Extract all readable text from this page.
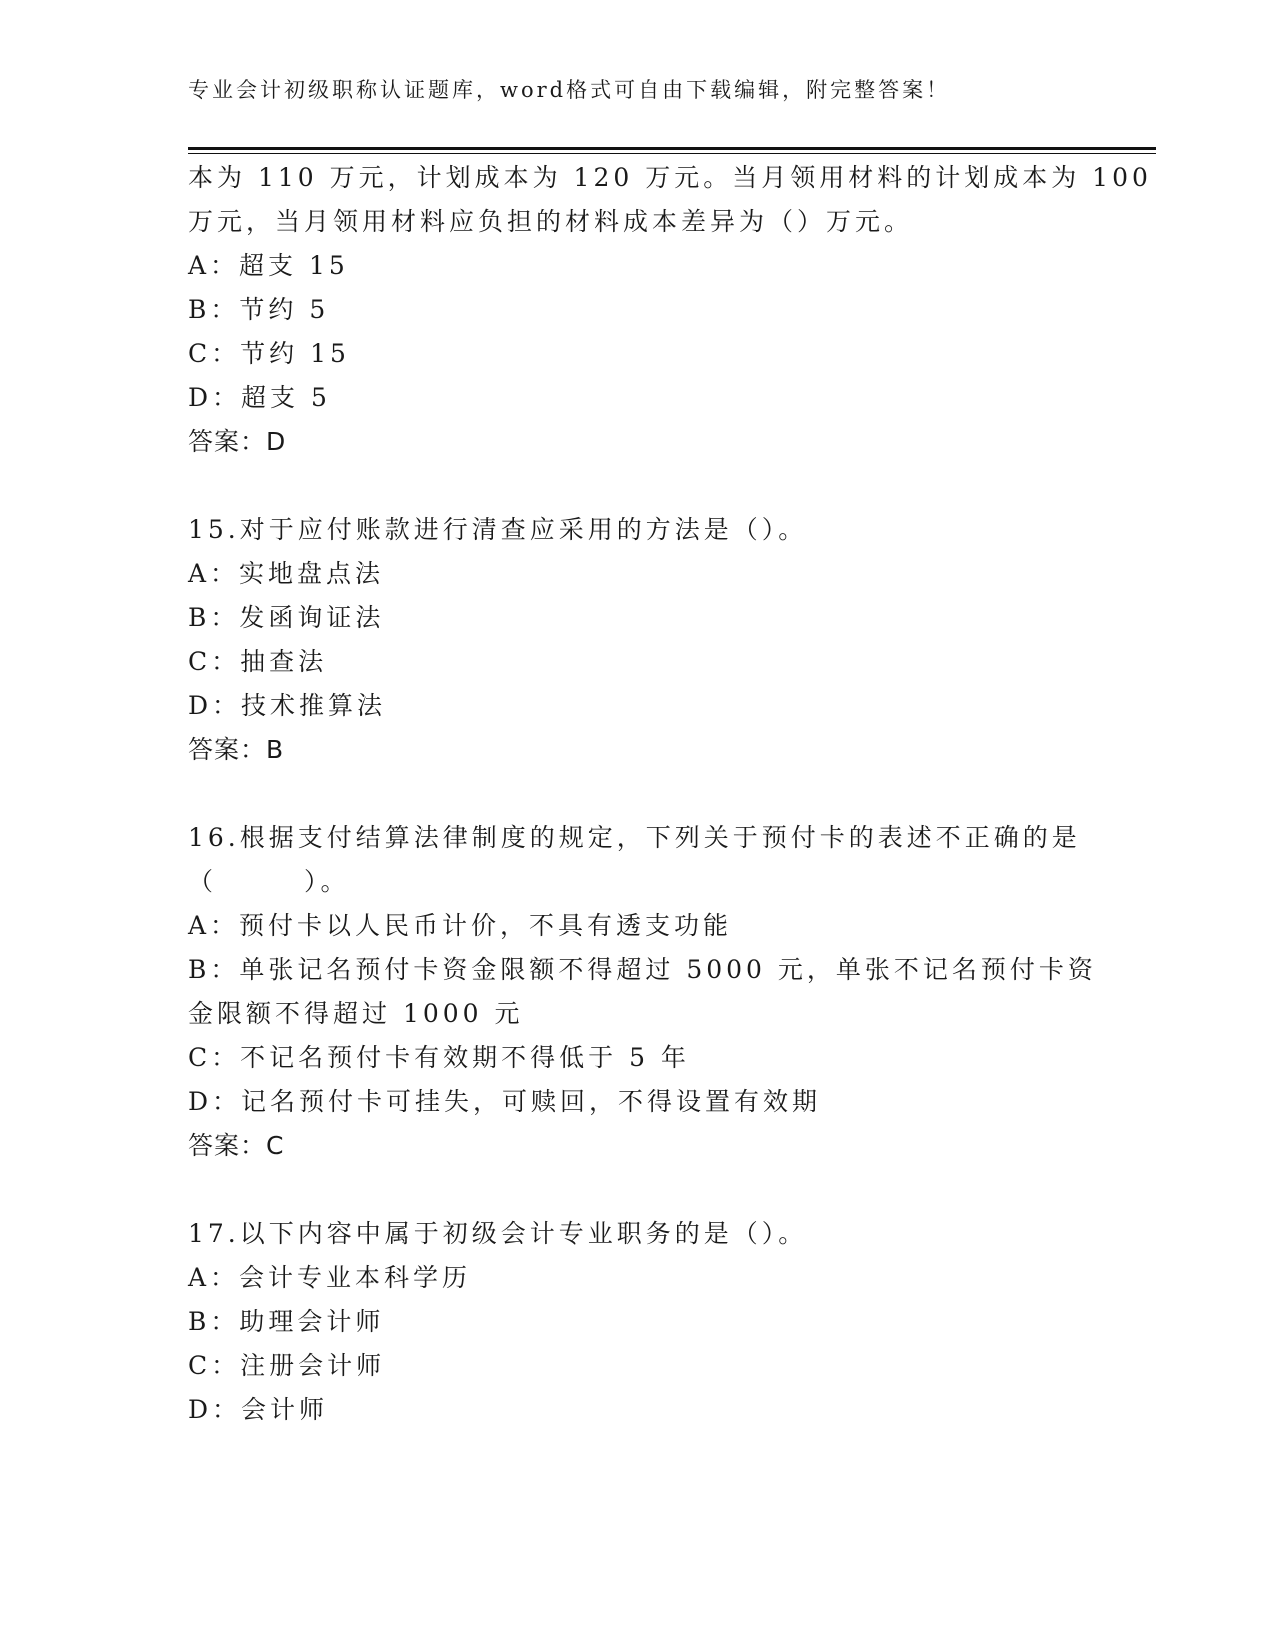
专业会计初级职称认证题库，word格式可自由下载编辑，附完整答案！
本为 110 万元，计划成本为 120 万元。当月领用材料的计划成本为 100
万元，当月领用材料应负担的材料成本差异为（）万元。
A：超支 15
B：节约 5
C：节约 15
D：超支 5
答案：D
15.对于应付账款进行清查应采用的方法是（）。
A：实地盘点法
B：发函询证法
C：抽查法
D：技术推算法
答案：B
16.根据支付结算法律制度的规定，下列关于预付卡的表述不正确的是
（　　　）。
A：预付卡以人民币计价，不具有透支功能
B：单张记名预付卡资金限额不得超过 5000 元，单张不记名预付卡资
金限额不得超过 1000 元
C：不记名预付卡有效期不得低于 5 年
D：记名预付卡可挂失，可赎回，不得设置有效期
答案：C
17.以下内容中属于初级会计专业职务的是（）。
A：会计专业本科学历
B：助理会计师
C：注册会计师
D：会计师
